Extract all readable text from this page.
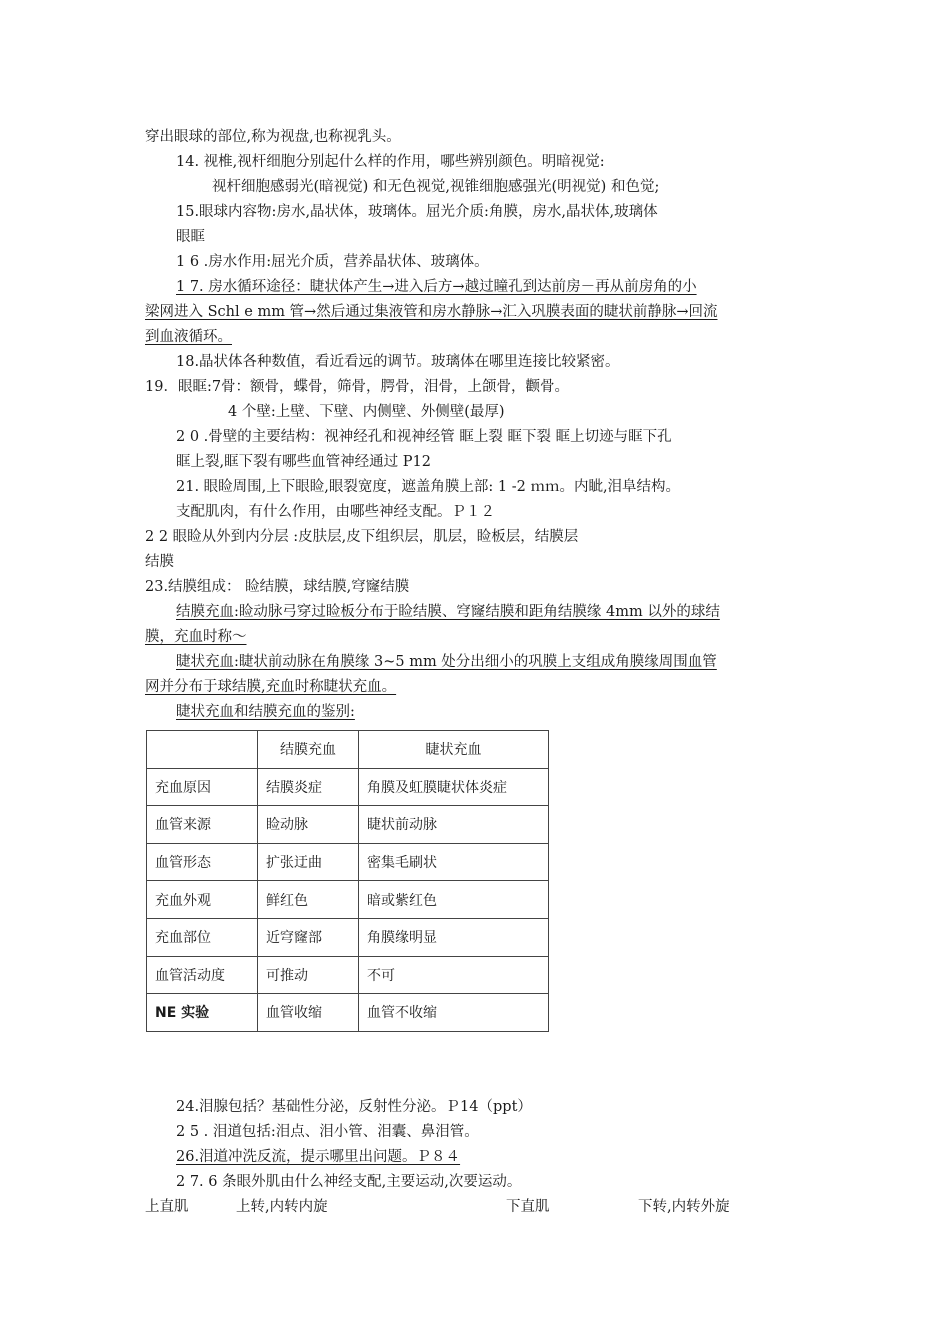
穿出眼球的部位,称为视盘,也称视乳头。
14. 视椎,视杆细胞分别起什么样的作用，哪些辨别颜色。明暗视觉:
视杆细胞感弱光(暗视觉) 和无色视觉,视锥细胞感强光(明视觉) 和色觉;
15.眼球内容物:房水,晶状体，玻璃体。屈光介质:角膜，房水,晶状体,玻璃体
眼眶
1 6 .房水作用:屈光介质，营养晶状体、玻璃体。
1 7. 房水循环途径：睫状体产生→进入后方→越过瞳孔到达前房－再从前房角的小
梁网进入 Schl e mm 管→然后通过集液管和房水静脉→汇入巩膜表面的睫状前静脉→回流
到血液循环。
18.晶状体各种数值，看近看远的调节。玻璃体在哪里连接比较紧密。
19．眼眶:7骨：额骨，蝶骨，筛骨，腭骨，泪骨，上颌骨，颧骨。
4 个壁:上壁、下壁、内侧壁、外侧壁(最厚)
2 0 .骨壁的主要结构：视神经孔和视神经管 眶上裂 眶下裂 眶上切迹与眶下孔
眶上裂,眶下裂有哪些血管神经通过 P12
21. 眼睑周围,上下眼睑,眼裂宽度，遮盖角膜上部: 1 -2 ｍｍ。内眦,泪阜结构。
支配肌肉，有什么作用，由哪些神经支配。Ｐ１２
2 2 眼睑从外到内分层 :皮肤层,皮下组织层，肌层，睑板层，结膜层
结膜
23.结膜组成： 睑结膜，球结膜,穹窿结膜
结膜充血:睑动脉弓穿过睑板分布于睑结膜、穹窿结膜和距角结膜缘 4mm 以外的球结
膜，充血时称～
睫状充血:睫状前动脉在角膜缘 3~5 mm 处分出细小的巩膜上支组成角膜缘周围血管
网并分布于球结膜,充血时称睫状充血。
睫状充血和结膜充血的鉴别:
	结膜充血	睫状充血
充血原因	结膜炎症	角膜及虹膜睫状体炎症
血管来源	睑动脉	睫状前动脉
血管形态	扩张迂曲	密集毛刷状
充血外观	鲜红色	暗或紫红色
充血部位	近穹窿部	角膜缘明显
血管活动度	可推动	不可
NE 实验	血管收缩	血管不收缩
24.泪腺包括？基础性分泌，反射性分泌。Ｐ14（ppt）
2 5 . 泪道包括:泪点、泪小管、泪囊、鼻泪管。
26.泪道冲洗反流，提示哪里出问题。Ｐ８４
2 7. 6 条眼外肌由什么神经支配,主要运动,次要运动。
上直肌	上转,内转内旋	下直肌	下转,内转外旋
